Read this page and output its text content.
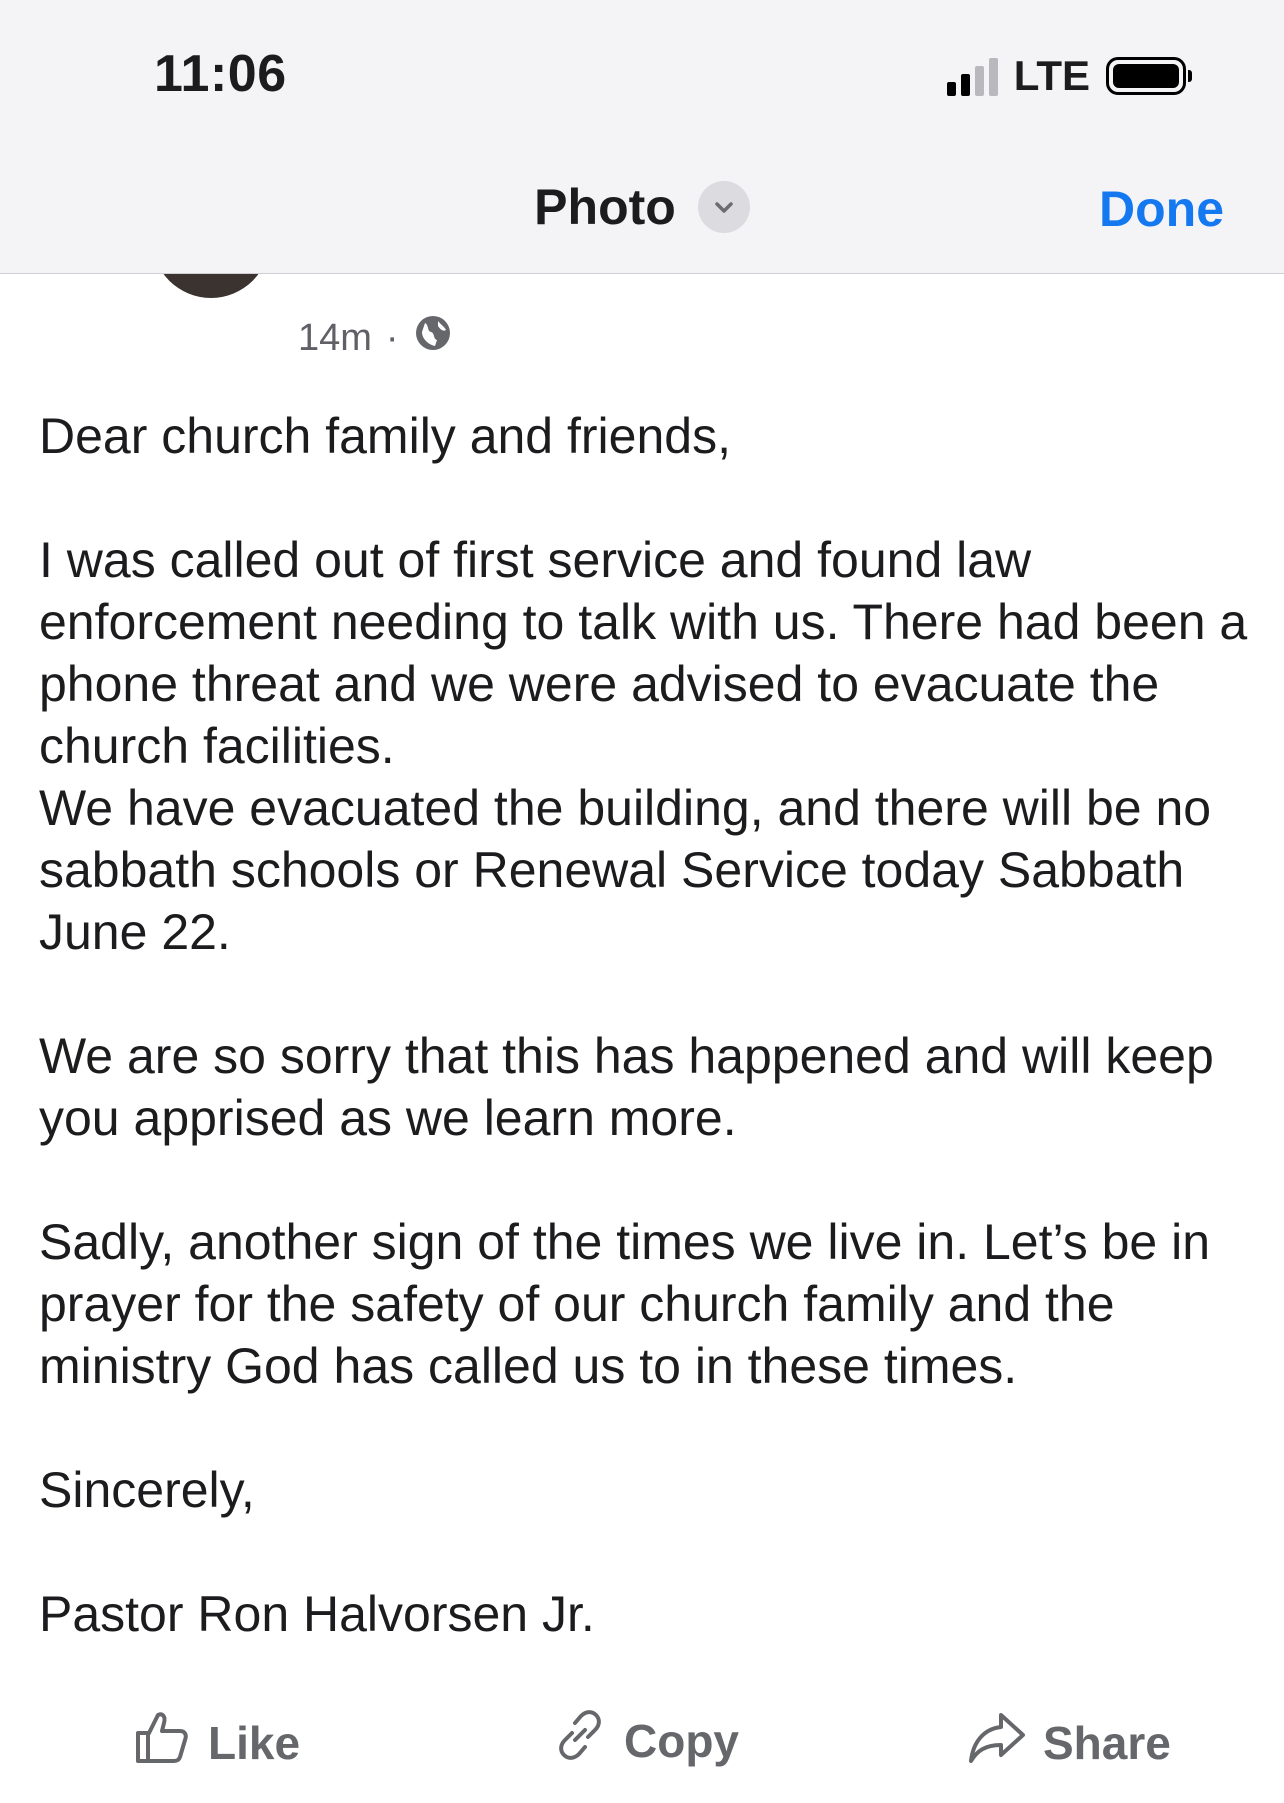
14m ·

Dear church family and friends,

I was called out of first service and found law enforcement needing to talk with us. There had been a phone threat and we were advised to evacuate the church facilities.

We have evacuated the building, and there will be no sabbath schools or Renewal Service today Sabbath June 22.

We are so sorry that this has happened and will keep you apprised as we learn more.

Sadly, another sign of the times we live in. Let’s be in prayer for the safety of our church family and the ministry God has called us to in these times.

Sincerely,

Pastor Ron Halvorsen Jr.

11:06	LTE
Photo	Done
Like	Copy	Share
